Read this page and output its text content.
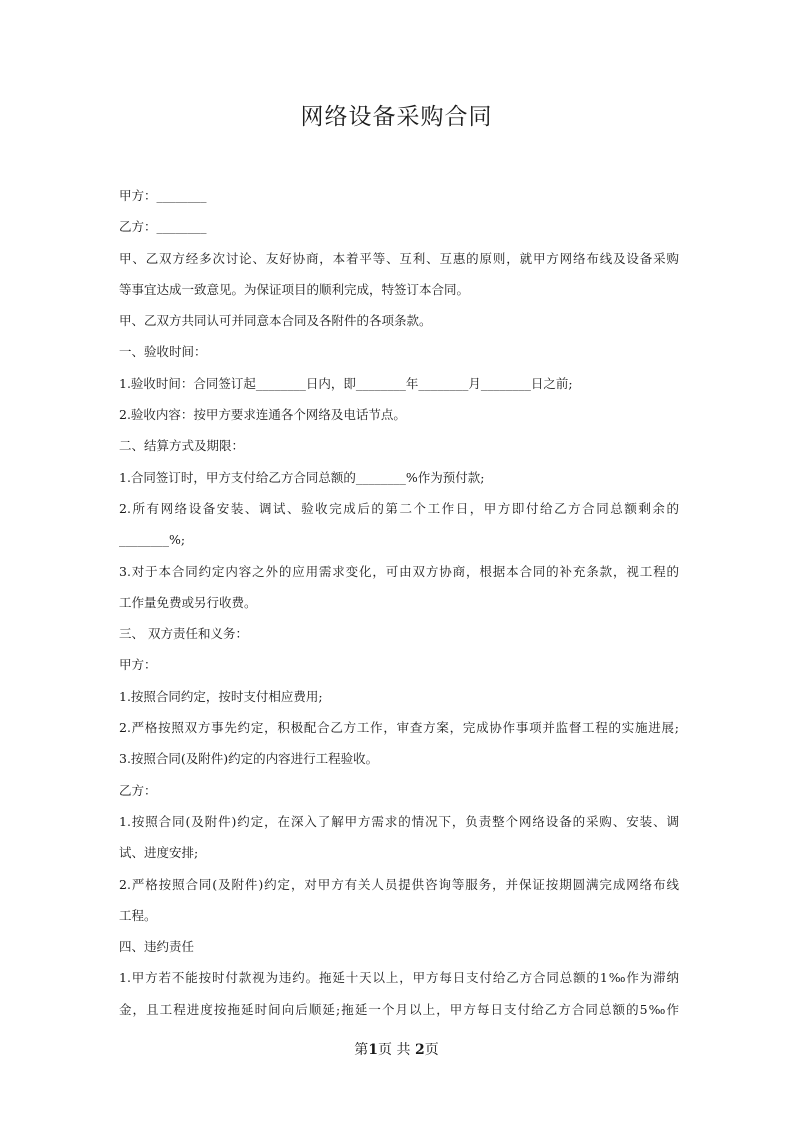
网络设备采购合同
甲方：________
乙方：________
甲、乙双方经多次讨论、友好协商，本着平等、互利、互惠的原则，就甲方网络布线及设备采购
等事宜达成一致意见。为保证项目的顺利完成，特签订本合同。
甲、乙双方共同认可并同意本合同及各附件的各项条款。
一、验收时间：
1.验收时间：合同签订起________日内，即________年________月________日之前;
2.验收内容：按甲方要求连通各个网络及电话节点。
二、结算方式及期限：
1.合同签订时，甲方支付给乙方合同总额的________%作为预付款;
2.所有网络设备安装、调试、验收完成后的第二个工作日，甲方即付给乙方合同总额剩余的
________%;
3.对于本合同约定内容之外的应用需求变化，可由双方协商，根据本合同的补充条款，视工程的
工作量免费或另行收费。
三、 双方责任和义务：
甲方：
1.按照合同约定，按时支付相应费用;
2.严格按照双方事先约定，积极配合乙方工作，审查方案，完成协作事项并监督工程的实施进展;
3.按照合同(及附件)约定的内容进行工程验收。
乙方：
1.按照合同(及附件)约定，在深入了解甲方需求的情况下，负责整个网络设备的采购、安装、调
试、进度安排;
2.严格按照合同(及附件)约定，对甲方有关人员提供咨询等服务，并保证按期圆满完成网络布线
工程。
四、违约责任
1.甲方若不能按时付款视为违约。拖延十天以上，甲方每日支付给乙方合同总额的1‰作为滞纳
金，且工程进度按拖延时间向后顺延;拖延一个月以上，甲方每日支付给乙方合同总额的5‰作
第1页 共 2页
